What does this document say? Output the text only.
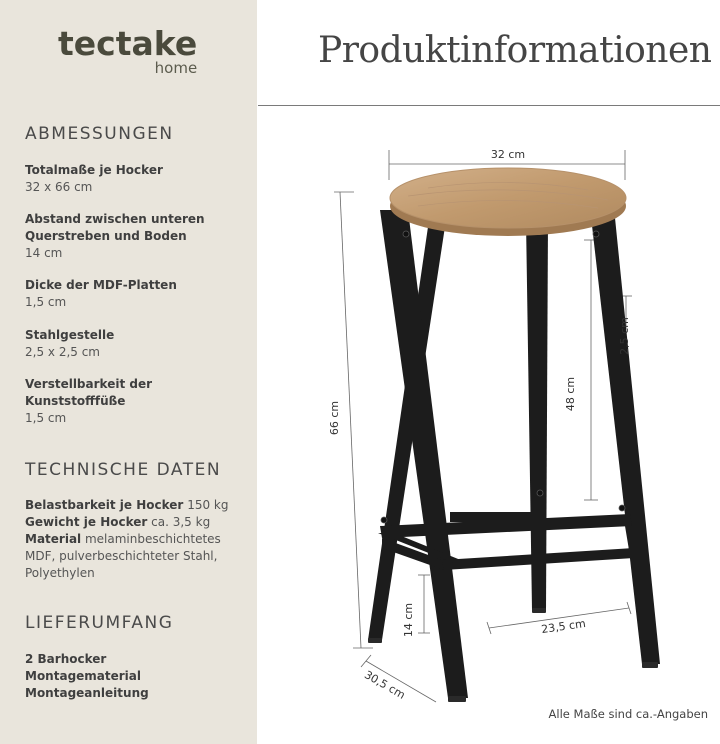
tectake
home
ABMESSUNGEN
Totalmaße je Hocker
32 x 66 cm
Abstand zwischen unteren Querstreben und Boden
14 cm
Dicke der MDF-Platten
1,5 cm
Stahlgestelle
2,5 x 2,5 cm
Verstellbarkeit der Kunststofffüße
1,5 cm
TECHNISCHE DATEN
Belastbarkeit je Hocker 150 kg
Gewicht je Hocker ca. 3,5 kg
Material melaminbeschichtetes MDF, pulverbeschichteter Stahl, Polyethylen
LIEFERUMFANG
2 Barhocker
Montagematerial
Montageanleitung
Produktinformationen
32 cm
66 cm
48 cm
2,5 cm
14 cm	23,5 cm
30,5 cm
Alle Maße sind ca.-Angaben
